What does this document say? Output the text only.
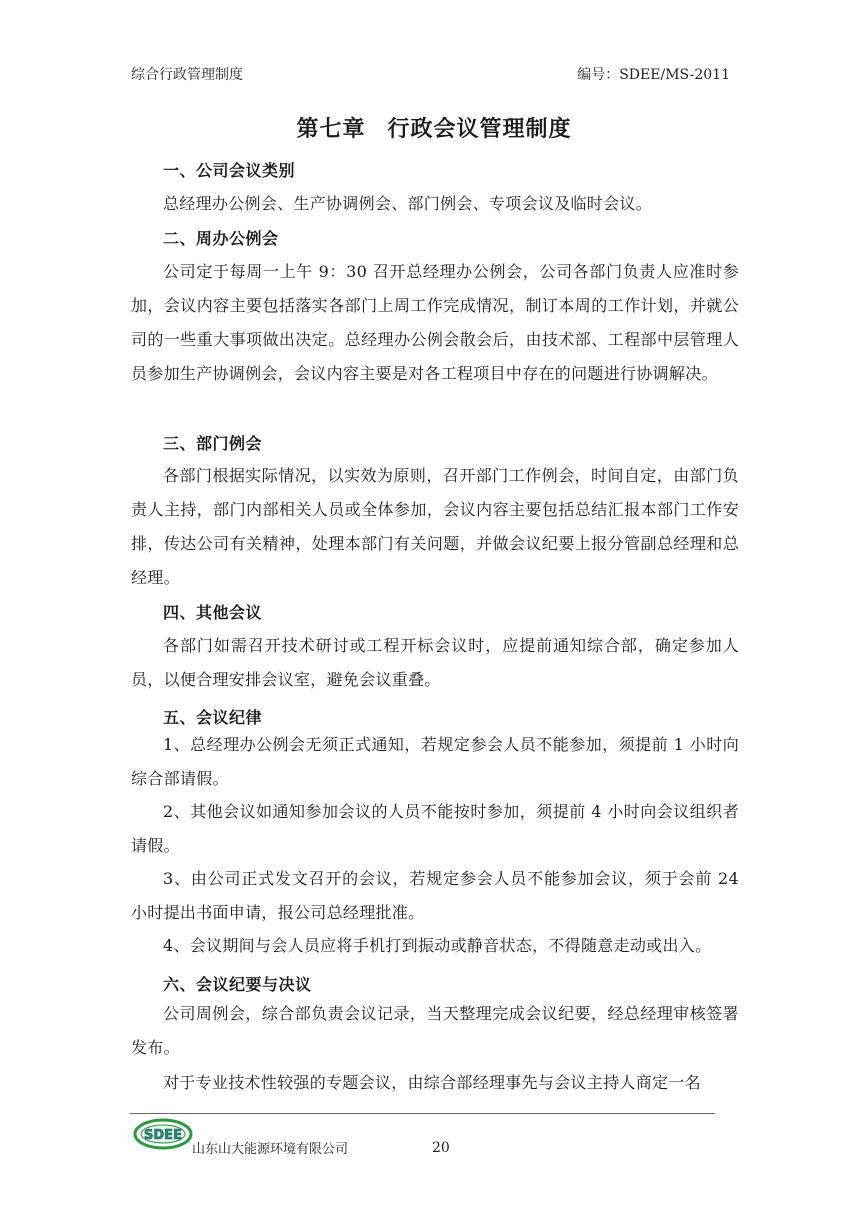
综合行政管理制度	编号：SDEE/MS-2011
第七章 行政会议管理制度
一、公司会议类别
总经理办公例会、生产协调例会、部门例会、专项会议及临时会议。
二、周办公例会
公司定于每周一上午 9：30 召开总经理办公例会，公司各部门负责人应准时参加，会议内容主要包括落实各部门上周工作完成情况，制订本周的工作计划，并就公司的一些重大事项做出决定。总经理办公例会散会后，由技术部、工程部中层管理人员参加生产协调例会，会议内容主要是对各工程项目中存在的问题进行协调解决。
三、部门例会
各部门根据实际情况，以实效为原则，召开部门工作例会，时间自定，由部门负责人主持，部门内部相关人员或全体参加，会议内容主要包括总结汇报本部门工作安排，传达公司有关精神，处理本部门有关问题，并做会议纪要上报分管副总经理和总经理。
四、其他会议
各部门如需召开技术研讨或工程开标会议时，应提前通知综合部，确定参加人员，以便合理安排会议室，避免会议重叠。
五、会议纪律
1、总经理办公例会无须正式通知，若规定参会人员不能参加，须提前 1 小时向综合部请假。
2、其他会议如通知参加会议的人员不能按时参加，须提前 4 小时向会议组织者请假。
3、由公司正式发文召开的会议，若规定参会人员不能参加会议，须于会前 24 小时提出书面申请，报公司总经理批准。
4、会议期间与会人员应将手机打到振动或静音状态，不得随意走动或出入。
六、会议纪要与决议
公司周例会，综合部负责会议记录，当天整理完成会议纪要，经总经理审核签署发布。
对于专业技术性较强的专题会议，由综合部经理事先与会议主持人商定一名
SDEE
山东山大能源环境有限公司	20
